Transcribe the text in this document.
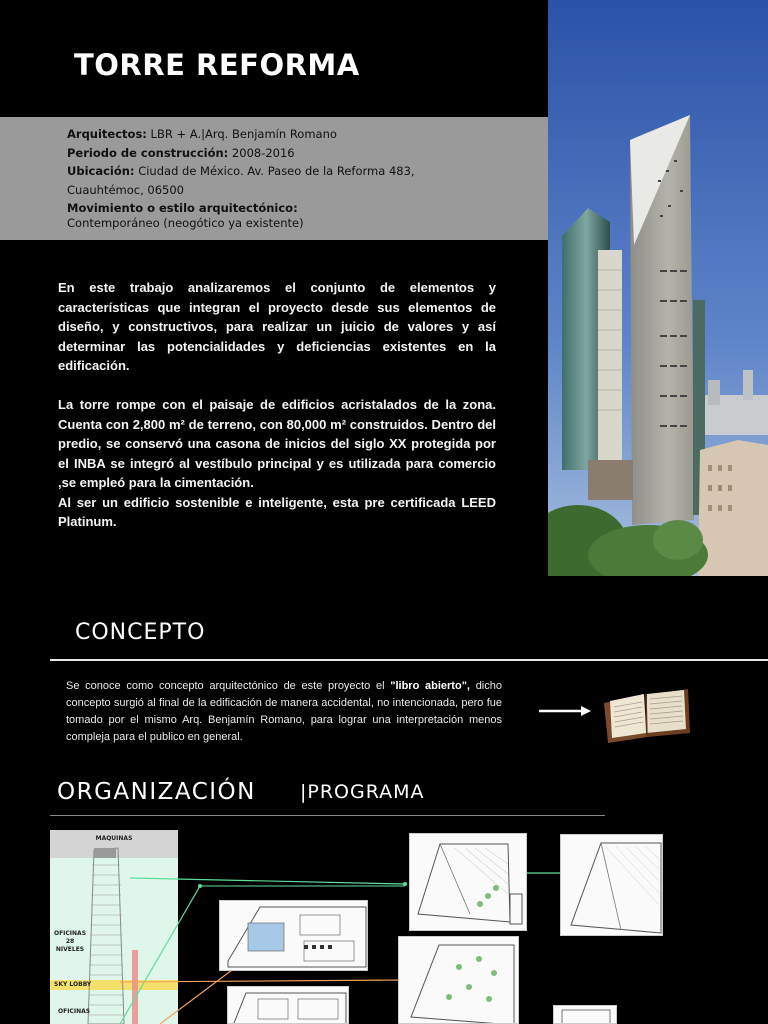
TORRE REFORMA
Arquitectos: LBR + A.|Arq. Benjamín Romano
Periodo de construcción: 2008-2016
Ubicación: Ciudad de México. Av. Paseo de la Reforma 483,
Cuauhtémoc, 06500
Movimiento o estilo arquitectónico:
Contemporáneo (neogótico ya existente)

En este trabajo analizaremos el conjunto de elementos y características que integran el proyecto desde sus elementos de diseño, y constructivos, para realizar un juicio de valores y así determinar las potencialidades y deficiencias existentes en la edificación.

La torre rompe con el paisaje de edificios acristalados de la zona. Cuenta con 2,800 m² de terreno, con 80,000 m² construidos. Dentro del predio, se conservó una casona de inicios del siglo XX protegida por el INBA se integró al vestíbulo principal y es utilizada para comercio ,se empleó para la cimentación.

Al ser un edificio sostenible e inteligente, esta pre certificada LEED Platinum.

CONCEPTO
Se conoce como concepto arquitectónico de este proyecto el "libro abierto", dicho concepto surgió al final de la edificación de manera accidental, no intencionada, pero fue tomado por el mismo Arq. Benjamín Romano, para lograr una interpretación menos compleja para el publico en general.
ORGANIZACIÓN |PROGRAMA
MAQUINAS
OFICINAS
28
NIVELES
SKY LOBBY
OFICINAS
